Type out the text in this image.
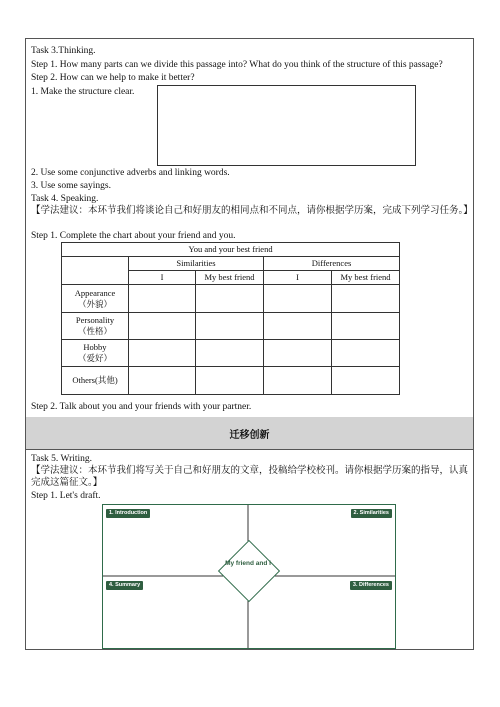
Task 3.Thinking.
Step 1. How many parts can we divide this passage into? What do you think of the structure of this passage?
Step 2. How can we help to make it better?
1. Make the structure clear.
2. Use some conjunctive adverbs and linking words.
3. Use some sayings.
Task 4. Speaking.
【学法建议：本环节我们将谈论自己和好朋友的相同点和不同点，请你根据学历案，完成下列学习任务。】
Step 1. Complete the chart about your friend and you.
You and your best friend				
	Similarities		Differences	
	I	My best friend	I	My best friend
Appearance
（外貌）				
Personality
（性格）				
Hobby
（爱好）				
Others(其他)				
Step 2. Talk about you and your friends with your partner.
迁移创新
Task 5. Writing.
【学法建议：本环节我们将写关于自己和好朋友的文章，投稿给学校校刊。请你根据学历案的指导，认真完成这篇征文。】
Step 1. Let's draft.
1. Introduction	2. Similarities
4. Summary	3. Differences
My friend and I
